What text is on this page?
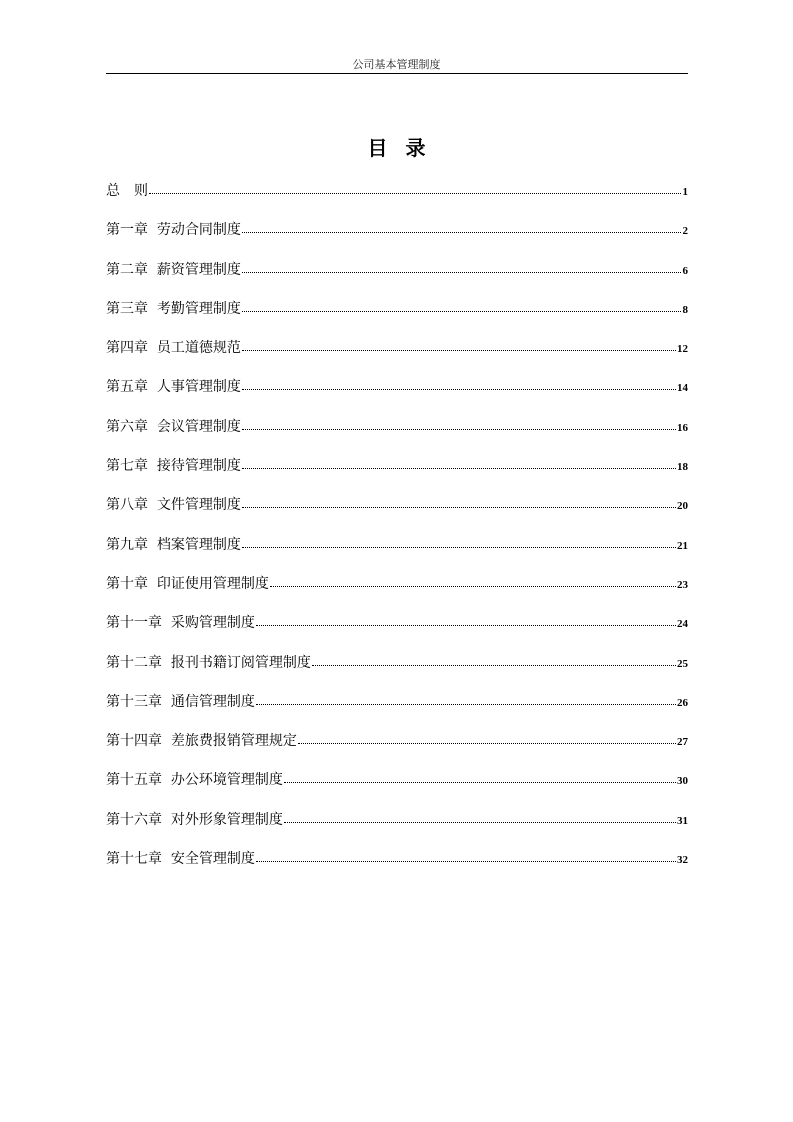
公司基本管理制度
目录
总　则	1
第一章  劳动合同制度	2
第二章  薪资管理制度	6
第三章  考勤管理制度	8
第四章  员工道德规范	12
第五章  人事管理制度	14
第六章  会议管理制度	16
第七章  接待管理制度	18
第八章  文件管理制度	20
第九章  档案管理制度	21
第十章  印证使用管理制度	23
第十一章  采购管理制度	24
第十二章  报刊书籍订阅管理制度	25
第十三章  通信管理制度	26
第十四章  差旅费报销管理规定	27
第十五章  办公环境管理制度	30
第十六章  对外形象管理制度	31
第十七章  安全管理制度	32
